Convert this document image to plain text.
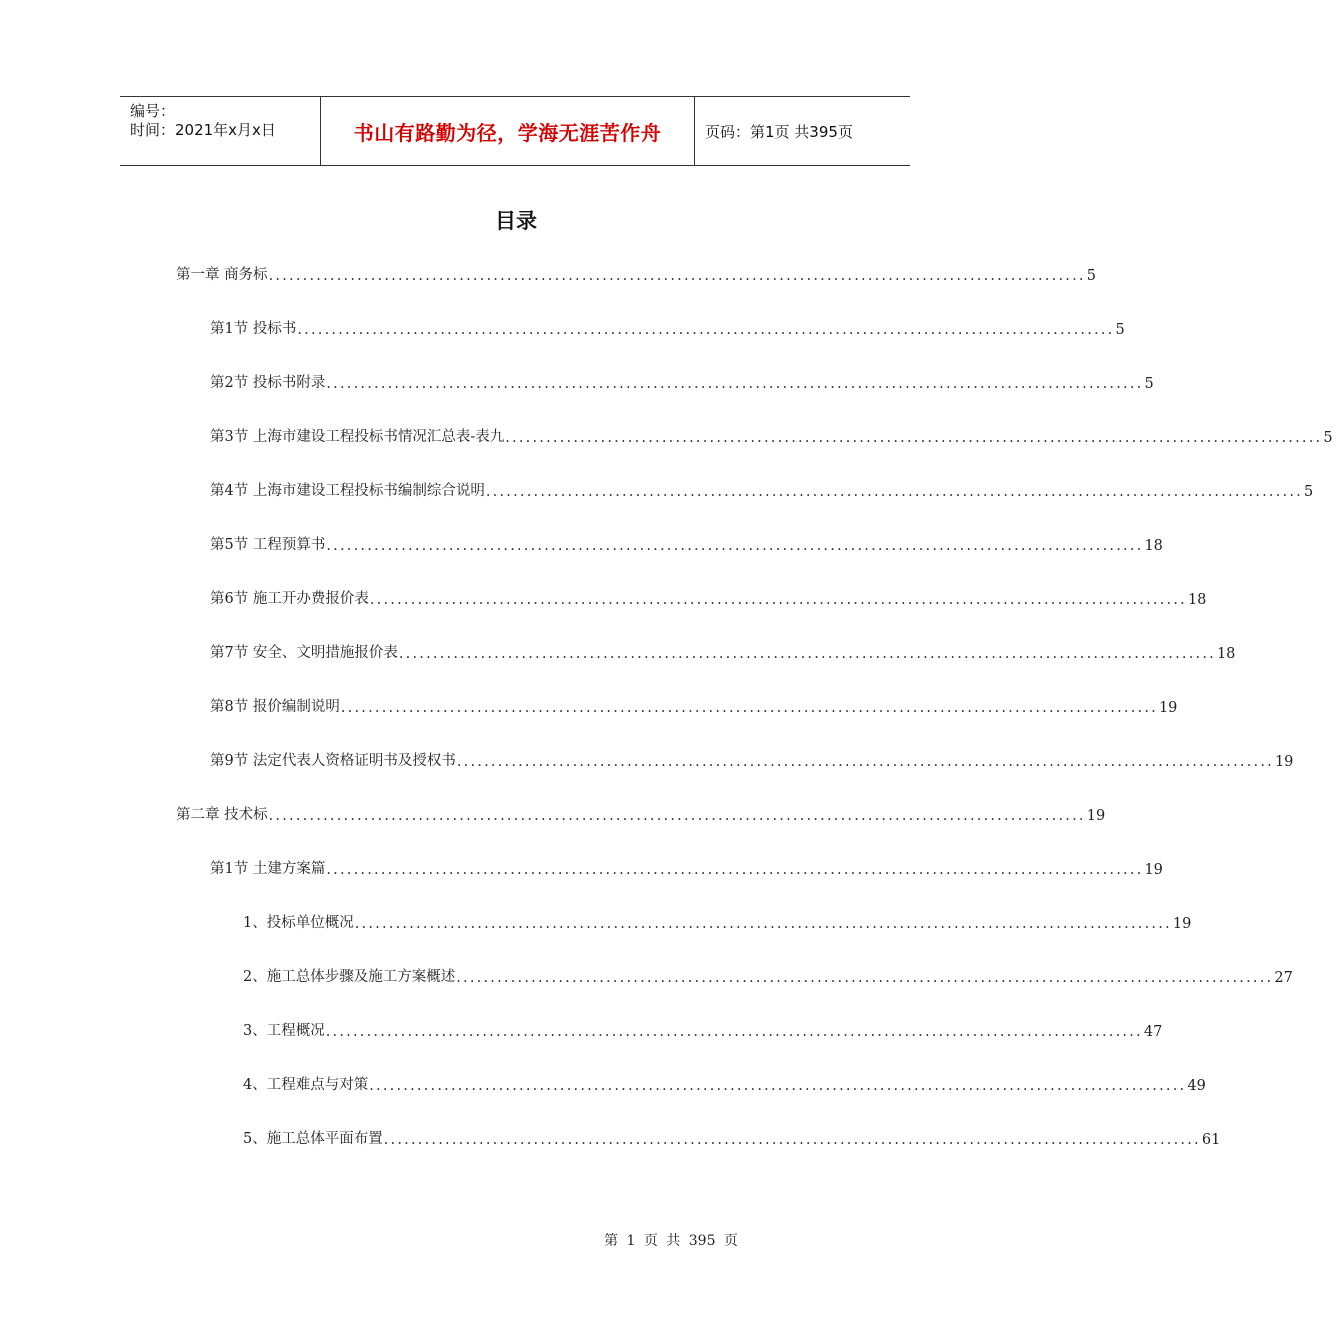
编号：
时间：2021年x月x日	书山有路勤为径，学海无涯苦作舟	页码：第1页 共395页
目录
第一章 商务标 ........................................................................................................................ 5
第1节 投标书 ........................................................................................................................ 5
第2节 投标书附录 ........................................................................................................................ 5
第3节 上海市建设工程投标书情况汇总表-表九 ........................................................................................................................ 5
第4节 上海市建设工程投标书编制综合说明 ........................................................................................................................ 5
第5节 工程预算书 ........................................................................................................................ 18
第6节 施工开办费报价表 ........................................................................................................................ 18
第7节 安全、文明措施报价表 ........................................................................................................................ 18
第8节 报价编制说明 ........................................................................................................................ 19
第9节 法定代表人资格证明书及授权书 ........................................................................................................................ 19
第二章 技术标 ........................................................................................................................ 19
第1节 土建方案篇 ........................................................................................................................ 19
1、 投标单位概况 ........................................................................................................................ 19
2、 施工总体步骤及施工方案概述 ........................................................................................................................ 27
3、 工程概况 ........................................................................................................................ 47
4、 工程难点与对策 ........................................................................................................................ 49
5、 施工总体平面布置 ........................................................................................................................ 61
第 1 页 共 395 页
